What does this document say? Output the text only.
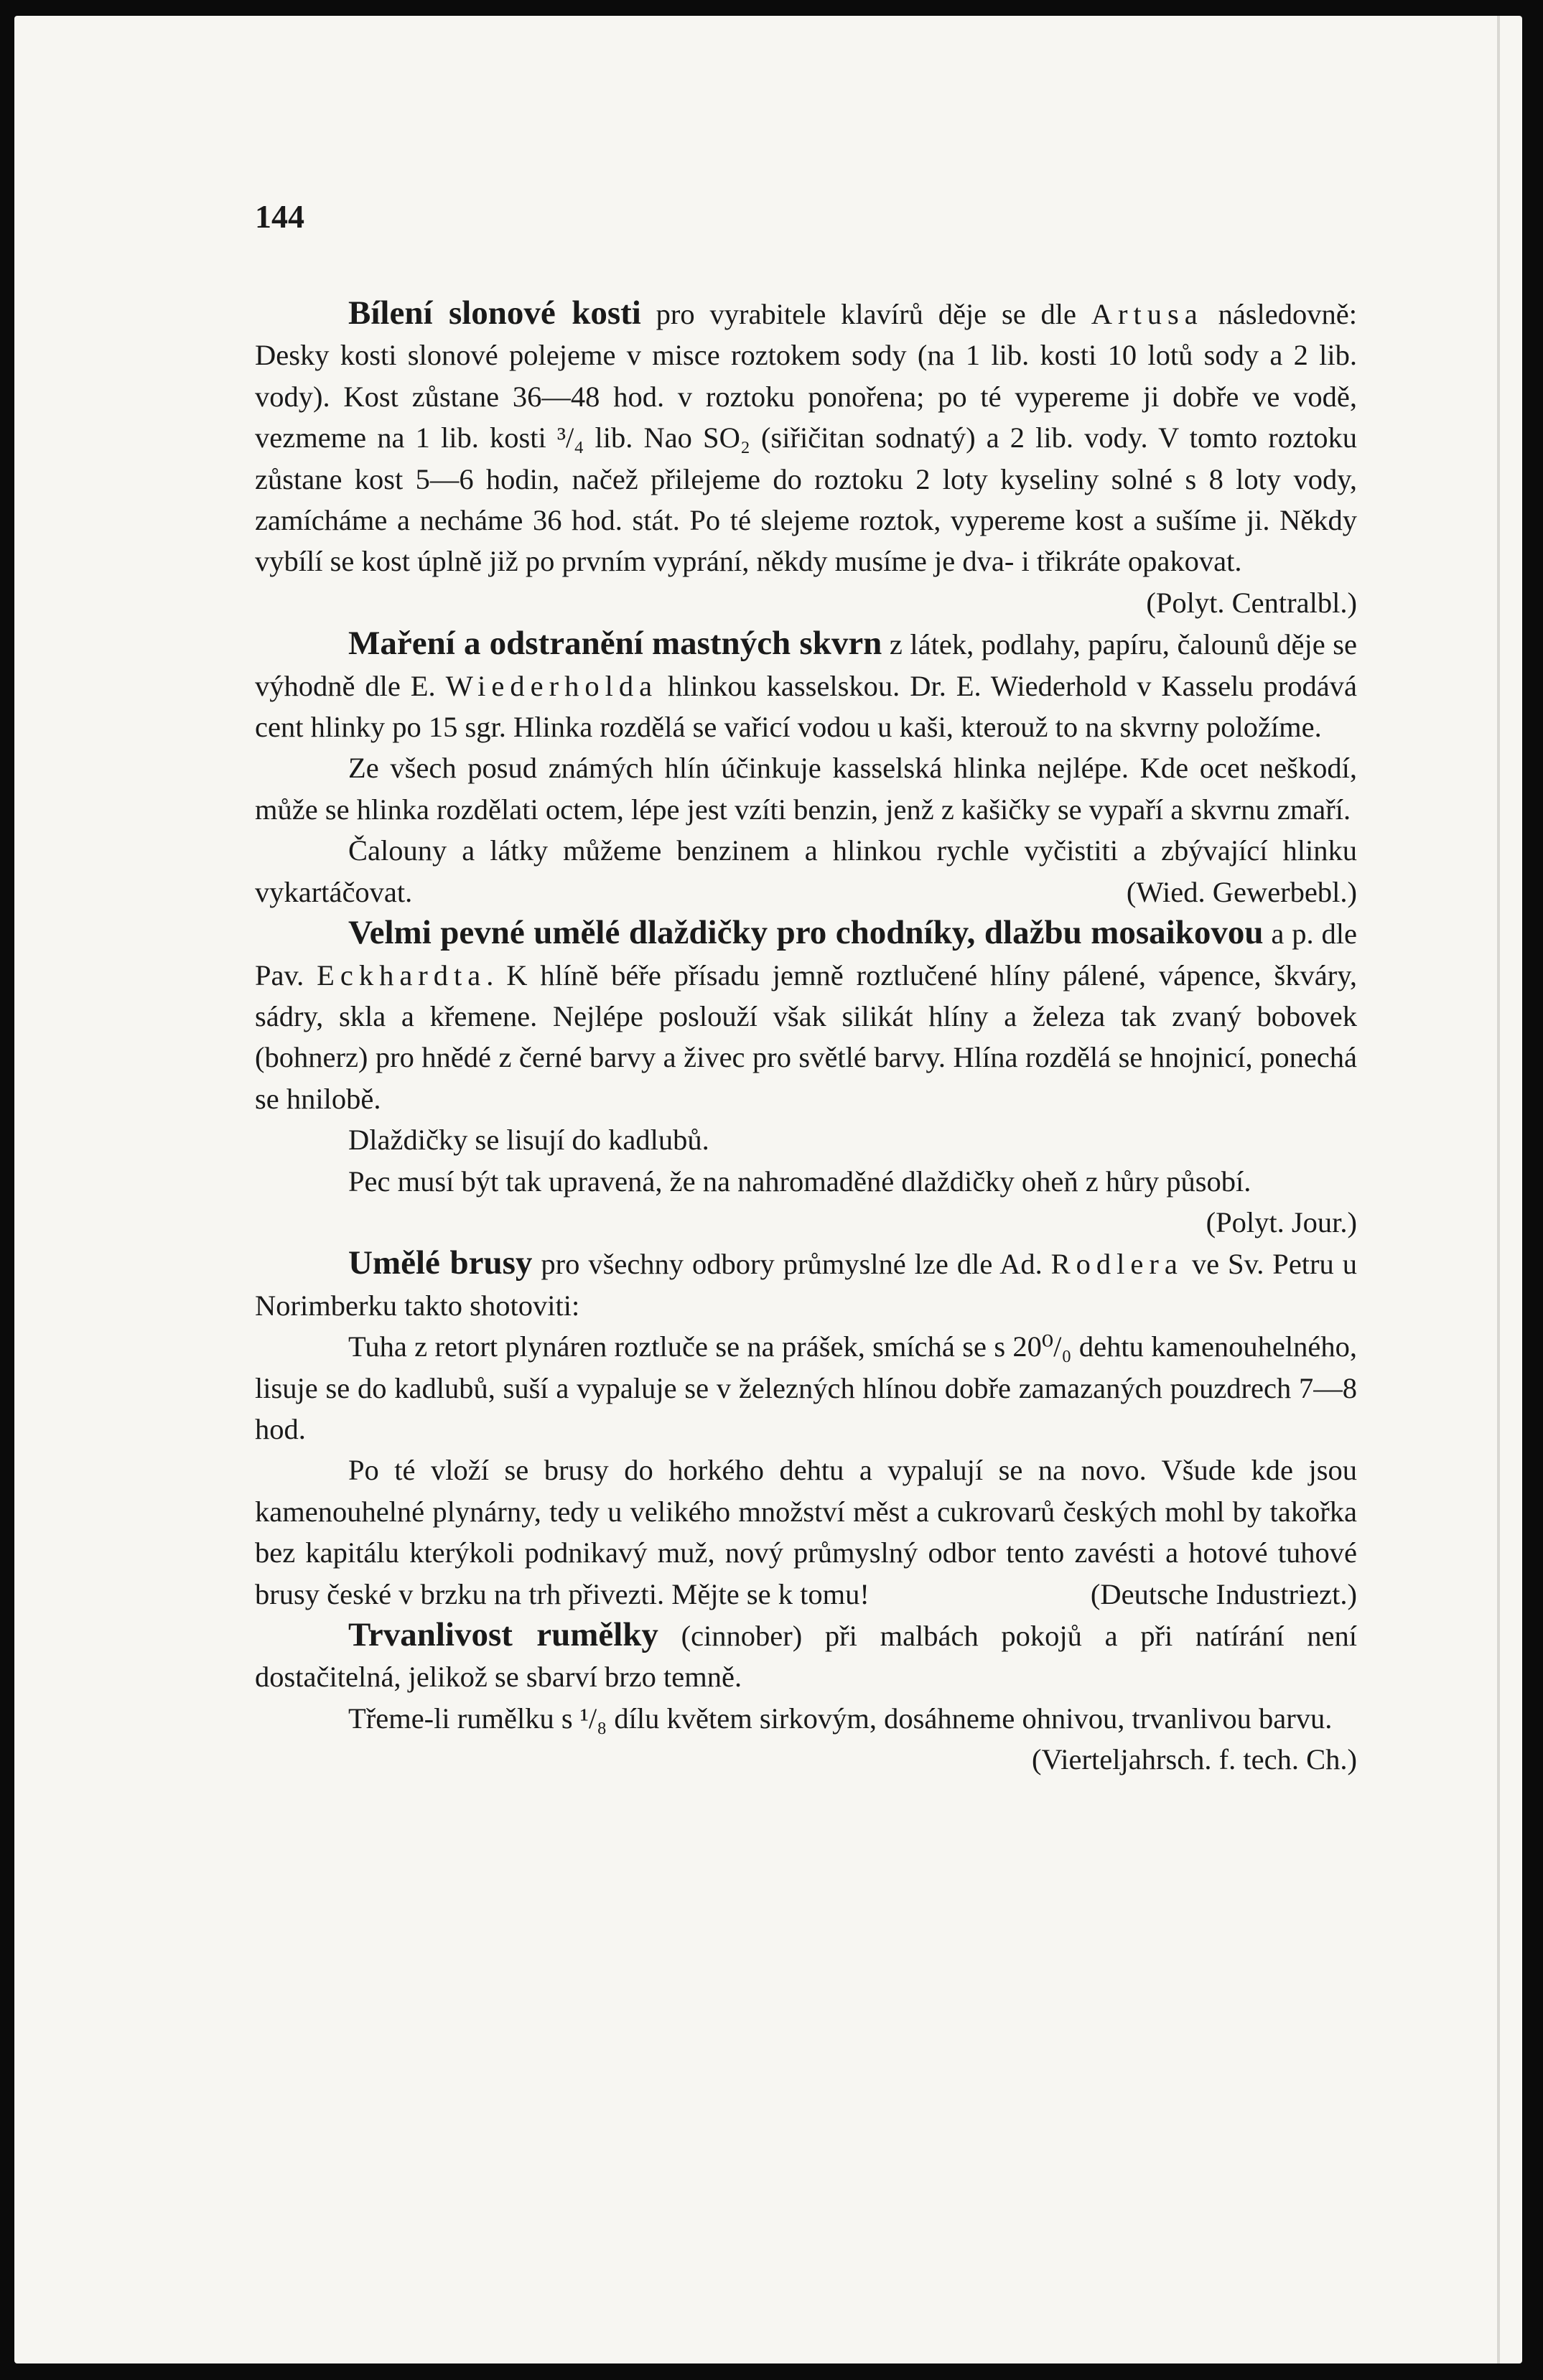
144

Bílení slonové kosti pro vyrabitele klavírů děje se dle Artusa následovně: Desky kosti slonové polejeme v misce roztokem sody (na 1 lib. kosti 10 lotů sody a 2 lib. vody). Kost zůstane 36—48 hod. v roztoku ponořena; po té vypereme ji dobře ve vodě, vezmeme na 1 lib. kosti ³/₄ lib. Nao SO₂ (siřičitan sodnatý) a 2 lib. vody. V tomto roztoku zůstane kost 5—6 hodin, načež přilejeme do roztoku 2 loty kyseliny solné s 8 loty vody, zamícháme a necháme 36 hod. stát. Po té slejeme roztok, vypereme kost a sušíme ji. Někdy vybílí se kost úplně již po prvním vyprání, někdy musíme je dva- i třikráte opakovat.

(Polyt. Centralbl.)

Maření a odstranění mastných skvrn z látek, podlahy, papíru, čalounů děje se výhodně dle E. Wiederholda hlinkou kasselskou. Dr. E. Wiederhold v Kasselu prodává cent hlinky po 15 sgr. Hlinka rozdělá se vařicí vodou u kaši, kterouž to na skvrny položíme.

Ze všech posud známých hlín účinkuje kasselská hlinka nejlépe. Kde ocet neškodí, může se hlinka rozdělati octem, lépe jest vzíti benzin, jenž z kašičky se vypaří a skvrnu zmaří.

Čalouny a látky můžeme benzinem a hlinkou rychle vyčistiti a zbývající hlinku vykartáčovat.	(Wied. Gewerbebl.)

Velmi pevné umělé dlaždičky pro chodníky, dlažbu mosaikovou a p. dle Pav. Eckhardta. K hlíně béře přísadu jemně roztlučené hlíny pálené, vápence, škváry, sádry, skla a křemene. Nejlépe poslouží však silikát hlíny a železa tak zvaný bobovek (bohnerz) pro hnědé z černé barvy a živec pro světlé barvy. Hlína rozdělá se hnojnicí, ponechá se hnilobě.

Dlaždičky se lisují do kadlubů.

Pec musí být tak upravená, že na nahromaděné dlaždičky oheň z hůry působí.
(Polyt. Jour.)

Umělé brusy pro všechny odbory průmyslné lze dle Ad. Rodlera ve Sv. Petru u Norimberku takto shotoviti:

Tuha z retort plynáren roztluče se na prášek, smíchá se s 20⁰/₀ dehtu kamenouhelného, lisuje se do kadlubů, suší a vypaluje se v železných hlínou dobře zamazaných pouzdrech 7—8 hod.

Po té vloží se brusy do horkého dehtu a vypalují se na novo. Všude kde jsou kamenouhelné plynárny, tedy u velikého množství měst a cukrovarů českých mohl by takořka bez kapitálu kterýkoli podnikavý muž, nový průmyslný odbor tento zavésti a hotové tuhové brusy české v brzku na trh přivezti. Mějte se k tomu!	(Deutsche Industriezt.)

Trvanlivost rumělky (cinnober) při malbách pokojů a při natírání není dostačitelná, jelikož se sbarví brzo temně.

Třeme-li rumělku s ¹/₈ dílu květem sirkovým, dosáhneme ohnivou, trvanlivou barvu.
(Vierteljahrsch. f. tech. Ch.)
